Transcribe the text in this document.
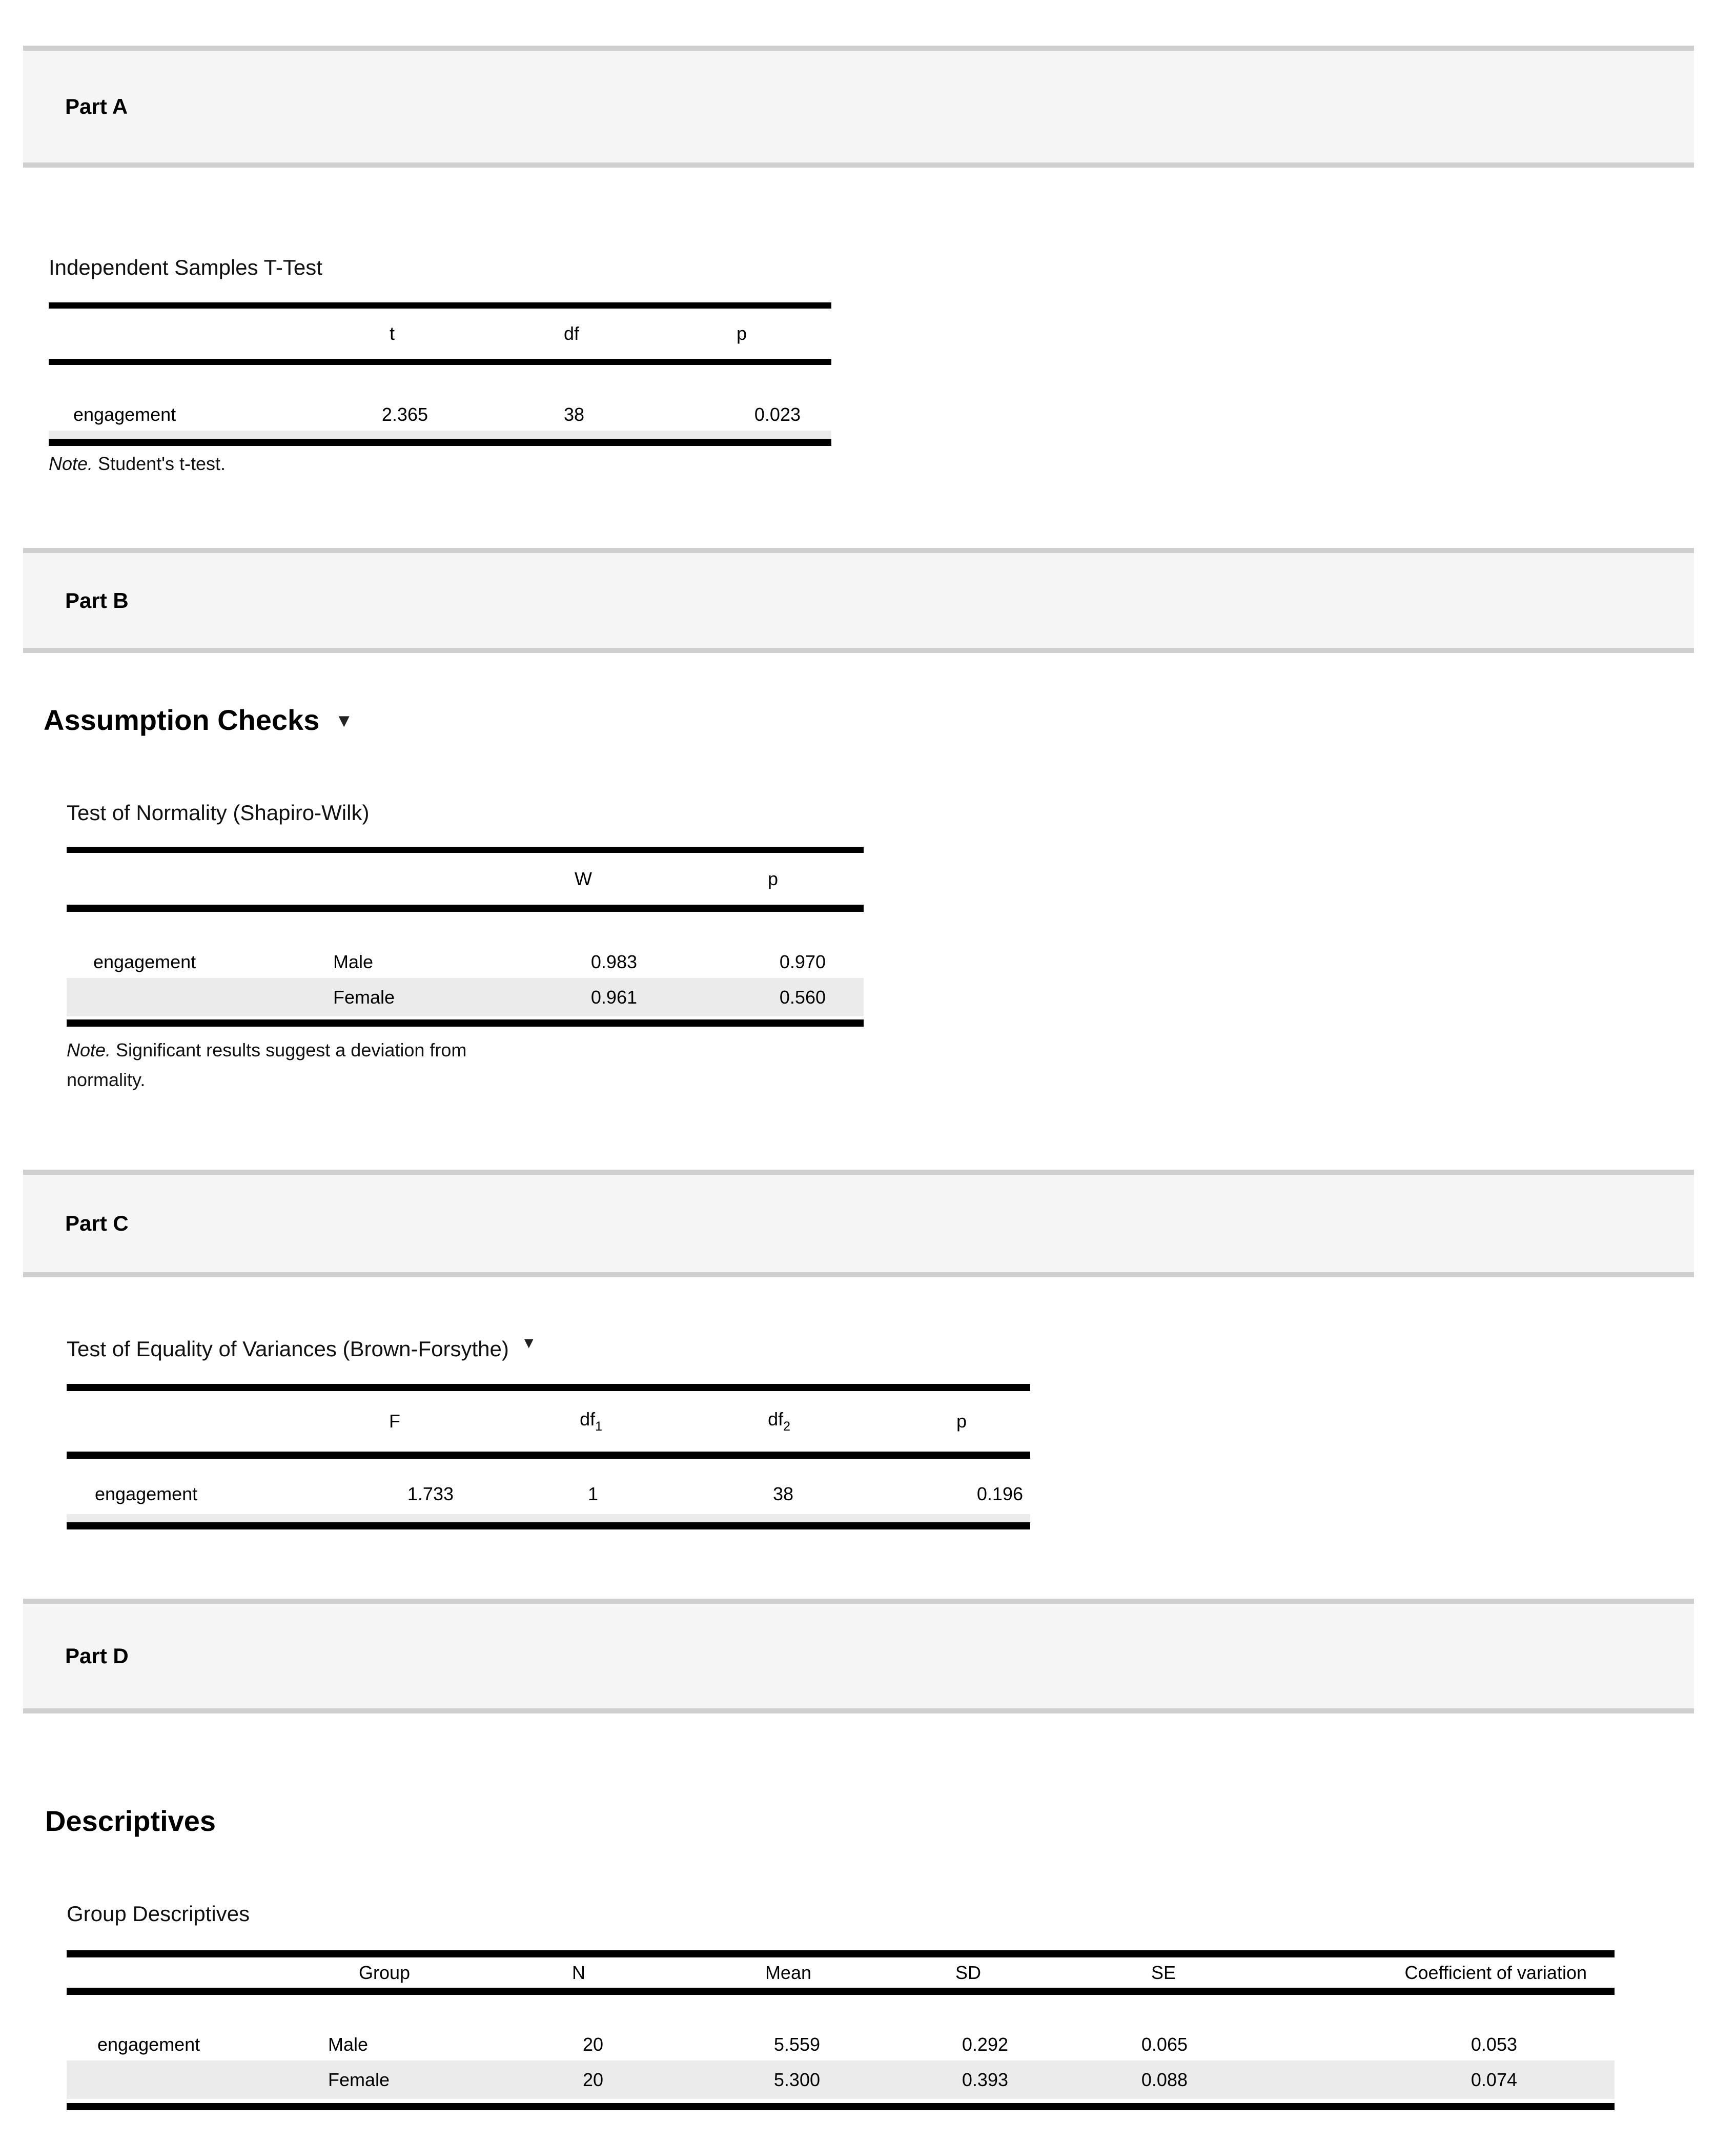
Part A
Independent Samples T-Test
t	df	p
engagement	2.365	38	0.023
Note. Student's t-test.
Part B
Assumption Checks ▼
Test of Normality (Shapiro-Wilk)
W	p
engagement	Male	0.983	0.970
Female	0.961	0.560
Note. Significant results suggest a deviation from
normality.
Part C
Test of Equality of Variances (Brown-Forsythe) ▼
F	$df_1$	$df_2$	p
engagement	1.733	1	38	0.196
Part D
Descriptives
Group Descriptives
Group	N	Mean	SD	SE	Coefficient of variation
engagement	Male	20	5.559	0.292	0.065	0.053
Female	20	5.300	0.393	0.088	0.074
